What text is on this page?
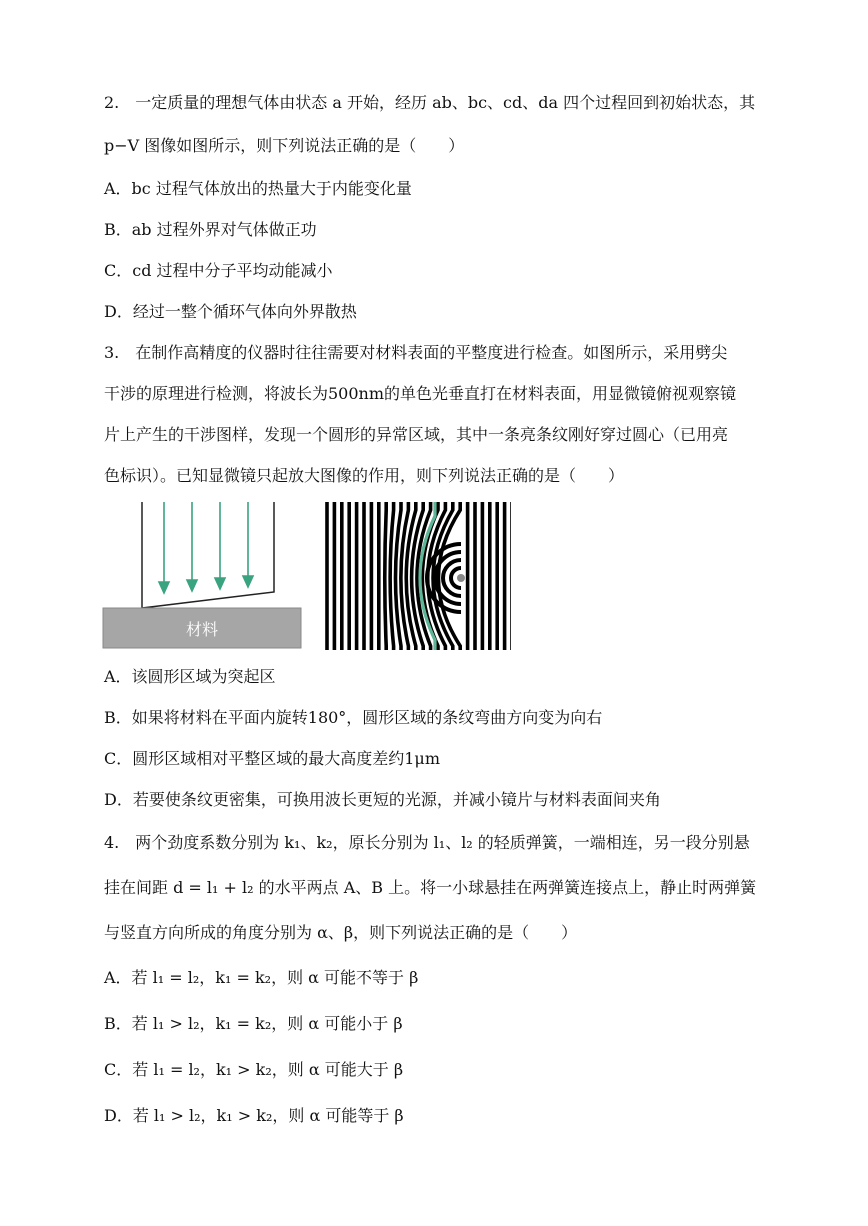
2.　一定质量的理想气体由状态 a 开始，经历 ab、bc、cd、da 四个过程回到初始状态，其
p−V 图像如图所示，则下列说法正确的是（　　）
A．bc 过程气体放出的热量大于内能变化量
B．ab 过程外界对气体做正功
C．cd 过程中分子平均动能减小
D．经过一整个循环气体向外界散热
3.　在制作高精度的仪器时往往需要对材料表面的平整度进行检查。如图所示，采用劈尖
干涉的原理进行检测，将波长为500nm的单色光垂直打在材料表面，用显微镜俯视观察镜
片上产生的干涉图样，发现一个圆形的异常区域，其中一条亮条纹刚好穿过圆心（已用亮
色标识）。已知显微镜只起放大图像的作用，则下列说法正确的是（　　）
材料
A．该圆形区域为突起区
B．如果将材料在平面内旋转180°，圆形区域的条纹弯曲方向变为向右
C．圆形区域相对平整区域的最大高度差约1μm
D．若要使条纹更密集，可换用波长更短的光源，并减小镜片与材料表面间夹角
4.　两个劲度系数分别为 k₁、k₂，原长分别为 l₁、l₂ 的轻质弹簧，一端相连，另一段分别悬
挂在间距 d = l₁ + l₂ 的水平两点 A、B 上。将一小球悬挂在两弹簧连接点上，静止时两弹簧
与竖直方向所成的角度分别为 α、β，则下列说法正确的是（　　）
A．若 l₁ = l₂，k₁ = k₂，则 α 可能不等于 β
B．若 l₁ > l₂，k₁ = k₂，则 α 可能小于 β
C．若 l₁ = l₂，k₁ > k₂，则 α 可能大于 β
D．若 l₁ > l₂，k₁ > k₂，则 α 可能等于 β
